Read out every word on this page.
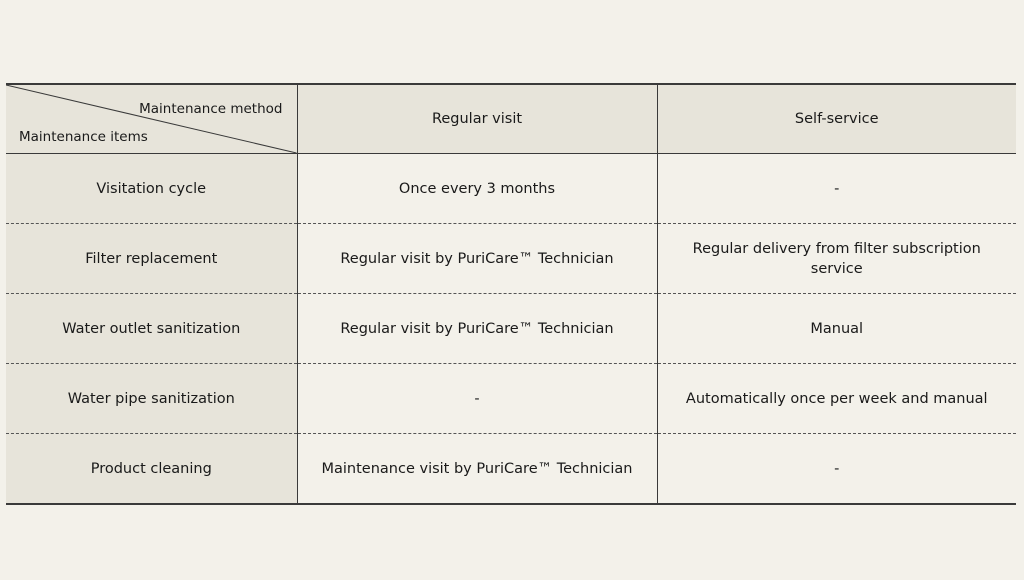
Maintenance method
Maintenance items	Regular visit	Self-service
Visitation cycle	Once every 3 months	-
Filter replacement	Regular visit by PuriCare™ Technician	Regular delivery from filter subscription service
Water outlet sanitization	Regular visit by PuriCare™ Technician	Manual
Water pipe sanitization	-	Automatically once per week and manual
Product cleaning	Maintenance visit by PuriCare™ Technician	-
